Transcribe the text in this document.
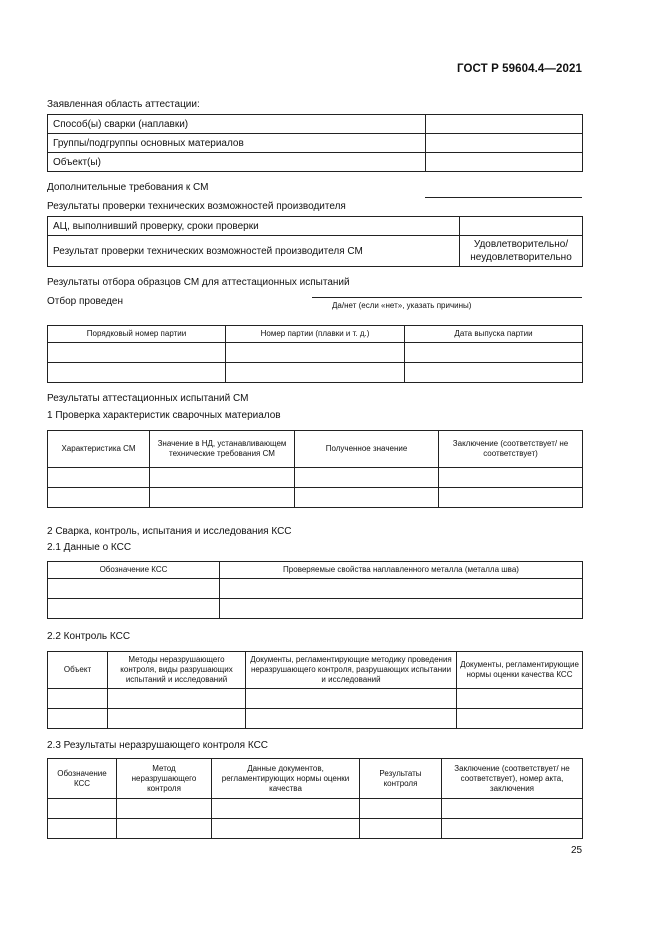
ГОСТ Р 59604.4—2021
Заявленная область аттестации:
Способ(ы) сварки (наплавки)	
Группы/подгруппы основных материалов	
Объект(ы)	
Дополнительные требования к СМ
Результаты проверки технических возможностей производителя
АЦ, выполнивший проверку, сроки проверки	
Результат проверки технических возможностей производителя СМ	Удовлетворительно/
неудовлетворительно
Результаты отбора образцов СМ для аттестационных испытаний
Отбор проведен	Да/нет (если «нет», указать причины)
Порядковый номер партии	Номер партии (плавки и т. д.)	Дата выпуска партии

Результаты аттестационных испытаний СМ
1 Проверка характеристик сварочных материалов
Характеристика СМ	Значение в НД, устанавливающем технические требования СМ	Полученное значение	Заключение (соответствует/ не соответствует)

2 Сварка, контроль, испытания и исследования КСС
2.1 Данные о КСС
Обозначение КСС	Проверяемые свойства наплавленного металла (металла шва)

2.2 Контроль КСС
Объект	Методы неразрушающего контроля, виды разрушающих испытаний и исследований	Документы, регламентирующие методику проведения неразрушающего контроля, разрушающих испытании и исследований	Документы, регламентирующие нормы оценки качества КСС

2.3 Результаты неразрушающего контроля КСС
Обозначение КСС	Метод неразрушающего контроля	Данные документов, регламентирующих нормы оценки качества	Результаты контроля	Заключение (соответствует/ не соответствует), номер акта, заключения

25
